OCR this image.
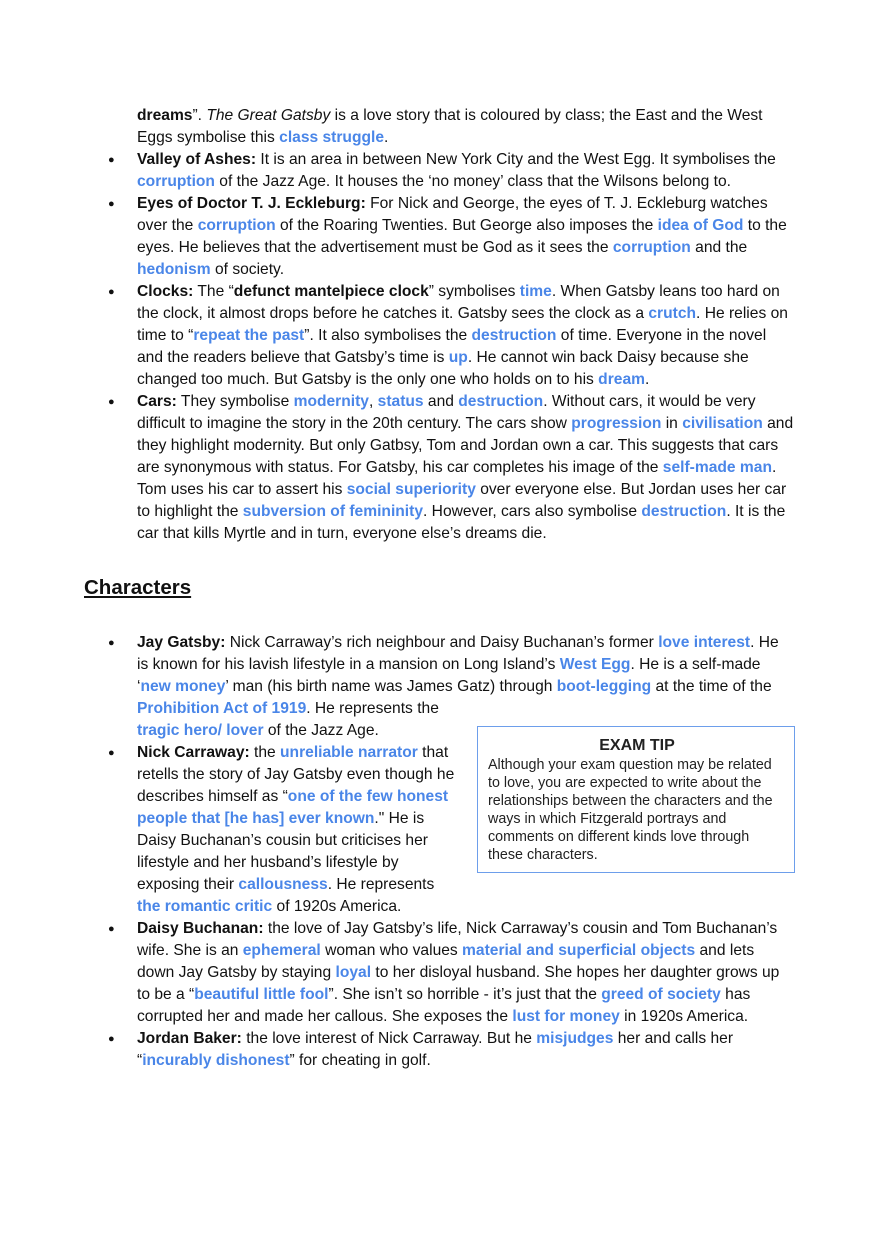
dreams”. The Great Gatsby is a love story that is coloured by class; the East and the West Eggs symbolise this class struggle.

● Valley of Ashes: It is an area in between New York City and the West Egg. It symbolises the corruption of the Jazz Age. It houses the ‘no money’ class that the Wilsons belong to.
● Eyes of Doctor T. J. Eckleburg: For Nick and George, the eyes of T. J. Eckleburg watches over the corruption of the Roaring Twenties. But George also imposes the idea of God to the eyes. He believes that the advertisement must be God as it sees the corruption and the hedonism of society.
● Clocks: The “defunct mantelpiece clock” symbolises time. When Gatsby leans too hard on the clock, it almost drops before he catches it. Gatsby sees the clock as a crutch. He relies on time to “repeat the past”. It also symbolises the destruction of time. Everyone in the novel and the readers believe that Gatsby’s time is up. He cannot win back Daisy because she changed too much. But Gatsby is the only one who holds on to his dream.
● Cars: They symbolise modernity, status and destruction. Without cars, it would be very difficult to imagine the story in the 20th century. The cars show progression in civilisation and they highlight modernity. But only Gatbsy, Tom and Jordan own a car. This suggests that cars are synonymous with status. For Gatsby, his car completes his image of the self-made man. Tom uses his car to assert his social superiority over everyone else. But Jordan uses her car to highlight the subversion of femininity. However, cars also symbolise destruction. It is the car that kills Myrtle and in turn, everyone else’s dreams die.
Characters
● EXAM TIP
Although your exam question may be related to love, you are expected to write about the relationships between the characters and the ways in which Fitzgerald portrays and comments on different kinds love through these characters.
Jay Gatsby: Nick Carraway’s rich neighbour and Daisy Buchanan’s former love interest. He is known for his lavish lifestyle in a mansion on Long Island’s West Egg. He is a self-made ‘new money’ man (his birth name was James Gatz) through boot-legging at the time of the Prohibition Act of 1919. He represents the tragic hero/ lover of the Jazz Age.
● Nick Carraway: the unreliable narrator that retells the story of Jay Gatsby even though he describes himself as “one of the few honest people that [he has] ever known." He is Daisy Buchanan’s cousin but criticises her lifestyle and her husband’s lifestyle by exposing their callousness. He represents the romantic critic of 1920s America.
● Daisy Buchanan: the love of Jay Gatsby’s life, Nick Carraway’s cousin and Tom Buchanan’s wife. She is an ephemeral woman who values material and superficial objects and lets down Jay Gatsby by staying loyal to her disloyal husband. She hopes her daughter grows up to be a “beautiful little fool”. She isn’t so horrible - it’s just that the greed of society has corrupted her and made her callous. She exposes the lust for money in 1920s America.
● Jordan Baker: the love interest of Nick Carraway. But he misjudges her and calls her “incurably dishonest” for cheating in golf.
